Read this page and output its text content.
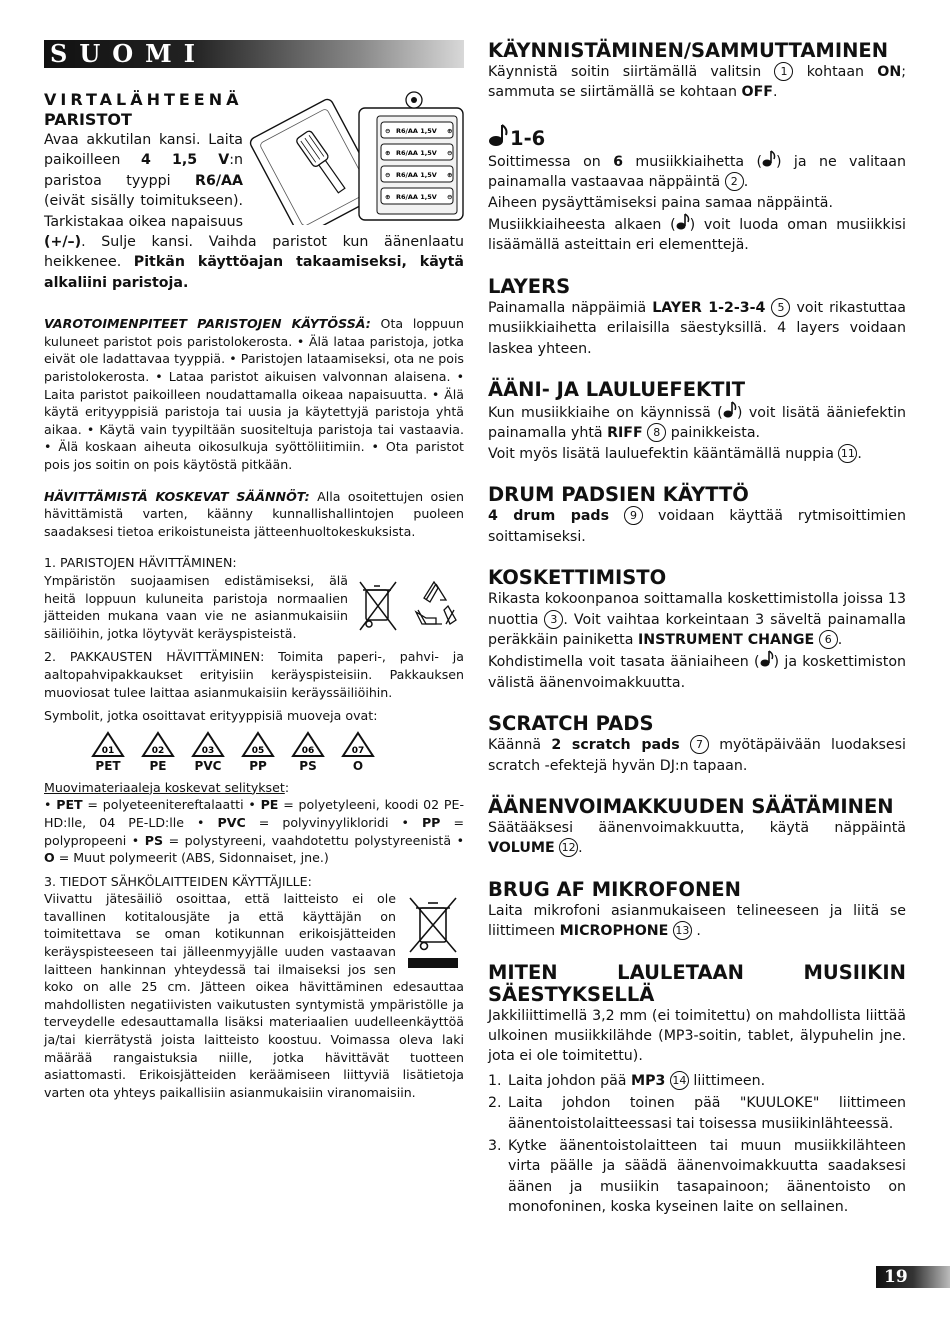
SUOMI
VIRTALÄHTEENÄ
PARISTOT
⊖	⊕
R6/AA 1,5V
⊕	⊖
R6/AA 1,5V
⊖	⊕
R6/AA 1,5V
⊕	⊖
R6/AA 1,5V

Avaa akkutilan kansi. Laita paikoilleen 4 1,5 V:n paristoa tyyppi R6/AA (eivät sisälly toimitukseen). Tarkistakaa oikea napaisuus (+/–). Sulje kansi. Vaihda paristot kun äänenlaatu heikkenee. Pitkän käyttöajan takaamiseksi, käytä alkaliini paristoja.

VAROTOIMENPITEET PARISTOJEN KÄYTÖSSÄ: Ota loppuun kuluneet paristot pois paristolokerosta. • Älä lataa paristoja, jotka eivät ole ladattavaa tyyppiä. • Paristojen lataamiseksi, ota ne pois paristolokerosta. • Lataa paristot aikuisen valvonnan alaisena. • Laita paristot paikoilleen noudattamalla oikeaa napaisuutta. • Älä käytä erityyppisiä paristoja tai uusia ja käytettyjä paristoja yhtä aikaa. • Käytä vain tyypiltään suositeltuja paristoja tai vastaavia. • Älä koskaan aiheuta oikosulkuja syöttöliitimiin. • Ota paristot pois jos soitin on pois käytöstä pitkään.

HÄVITTÄMISTÄ KOSKEVAT SÄÄNNÖT: Alla osoitettujen osien hävittämistä varten, käänny kunnallishallintojen puoleen saadaksesi tietoa erikoistuneista jätteenhuoltokeskuksista.

1. PARISTOJEN HÄVITTÄMINEN:

Ympäristön suojaamisen edistämiseksi, älä heitä loppuun kuluneita paristoja normaalien jätteiden mukana vaan vie ne asianmukaisiin säiliöihin, jotka löytyvät keräyspisteistä.

2. PAKKAUSTEN HÄVITTÄMINEN: Toimita paperi-, pahvi- ja aaltopahvipakkaukset erityisiin keräyspisteisiin. Pakkauksen muoviosat tulee laittaa asianmukaisiin keräyssäiliöihin.

Symbolit, jotka osoittavat erityyppisiä muoveja ovat:

01
PET
02
PE
03
PVC
05
PP
06
PS
07
O

Muovimateriaaleja koskevat selitykset:

• PET = polyeteenitereftalaatti • PE = polyetyleeni, koodi 02 PE-HD:lle, 04 PE-LD:lle • PVC = polyvinyylikloridi • PP = polypropeeni • PS = polystyreeni, vaahdotettu polystyreenistä • O = Muut polymeerit (ABS, Sidonnaiset, jne.)

3. TIEDOT SÄHKÖLAITTEIDEN KÄYTTÄJILLE:

Viivattu jätesäiliö osoittaa, että laitteisto ei ole tavallinen kotitalousjäte ja että käyttäjän on toimitettava se oman kotikunnan erikoisjätteiden keräyspisteeseen tai jälleenmyyjälle uuden vastaavan laitteen hankinnan yhteydessä tai ilmaiseksi jos sen koko on alle 25 cm. Jätteen oikea hävittäminen edesauttaa mahdollisten negatiivisten vaikutusten syntymistä ympäristölle ja terveydelle edesauttamalla lisäksi materiaalien uudelleenkäyttöä ja/tai kierrätystä joista laitteisto koostuu. Voimassa oleva laki määrää rangaistuksia niille, jotka hävittävät tuotteen asiattomasti. Erikoisjätteiden keräämiseen liittyviä lisätietoja varten ota yhteys paikallisiin asianmukaisiin viranomaisiin.

KÄYNNISTÄMINEN/SAMMUTTAMINEN

Käynnistä soitin siirtämällä valitsin 1 kohtaan ON; sammuta se siirtämällä se kohtaan OFF.

1-6

Soittimessa on 6 musiikkiaihetta ( ) ja ne valitaan painamalla vastaavaa näppäintä 2 .

Aiheen pysäyttämiseksi paina samaa näppäintä.

Musiikkiaiheesta alkaen ( ) voit luoda oman musiikkisi lisäämällä asteittain eri elementtejä.

LAYERS

Painamalla näppäimiä LAYER 1-2-3-4 5 voit rikastuttaa musiikkiaihetta erilaisilla säestyksillä. 4 layers voidaan laskea yhteen.

ÄÄNI- JA LAULUEFEKTIT

Kun musiikkiaihe on käynnissä ( ) voit lisätä ääniefektin painamalla yhtä RIFF 8 painikkeista.

Voit myös lisätä lauluefektin kääntämällä nuppia 11 .

DRUM PADSIEN KÄYTTÖ

4 drum pads 9 voidaan käyttää rytmisoittimien soittamiseksi.

KOSKETTIMISTO

Rikasta kokoonpanoa soittamalla koskettimistolla joissa 13 nuottia 3 . Voit vaihtaa korkeintaan 3 säveltä painamalla peräkkäin painiketta INSTRUMENT CHANGE 6 .

Kohdistimella voit tasata ääniaiheen ( ) ja koskettimiston välistä äänenvoimakkuutta.

SCRATCH PADS

Käännä 2 scratch pads 7 myötäpäivään luodaksesi scratch -efektejä hyvän DJ:n tapaan.

ÄÄNENVOIMAKKUUDEN SÄÄTÄMINEN

Säätääksesi äänenvoimakkuutta, käytä näppäintä VOLUME 12 .

BRUG AF MIKROFONEN

Laita mikrofoni asianmukaiseen telineeseen ja liitä se liittimeen MICROPHONE 13 .

MITEN LAULETAAN MUSIIKIN SÄESTYKSELLÄ

Jakkiliittimellä 3,2 mm (ei toimitettu) on mahdollista liittää ulkoinen musiikkilähde (MP3-soitin, tablet, älypuhelin jne. jota ei ole toimitettu).

1. Laita johdon pää MP3 14 liittimeen.
2. Laita johdon toinen pää "KUULOKE" liittimeen äänentoistolaitteessasi tai toisessa musiikinlähteessä.
3. Kytke äänentoistolaitteen tai muun musiikkilähteen virta päälle ja säädä äänenvoimakkuutta saadaksesi äänen ja musiikin tasapainoon; äänentoisto on monofoninen, koska kyseinen laite on sellainen.
19
